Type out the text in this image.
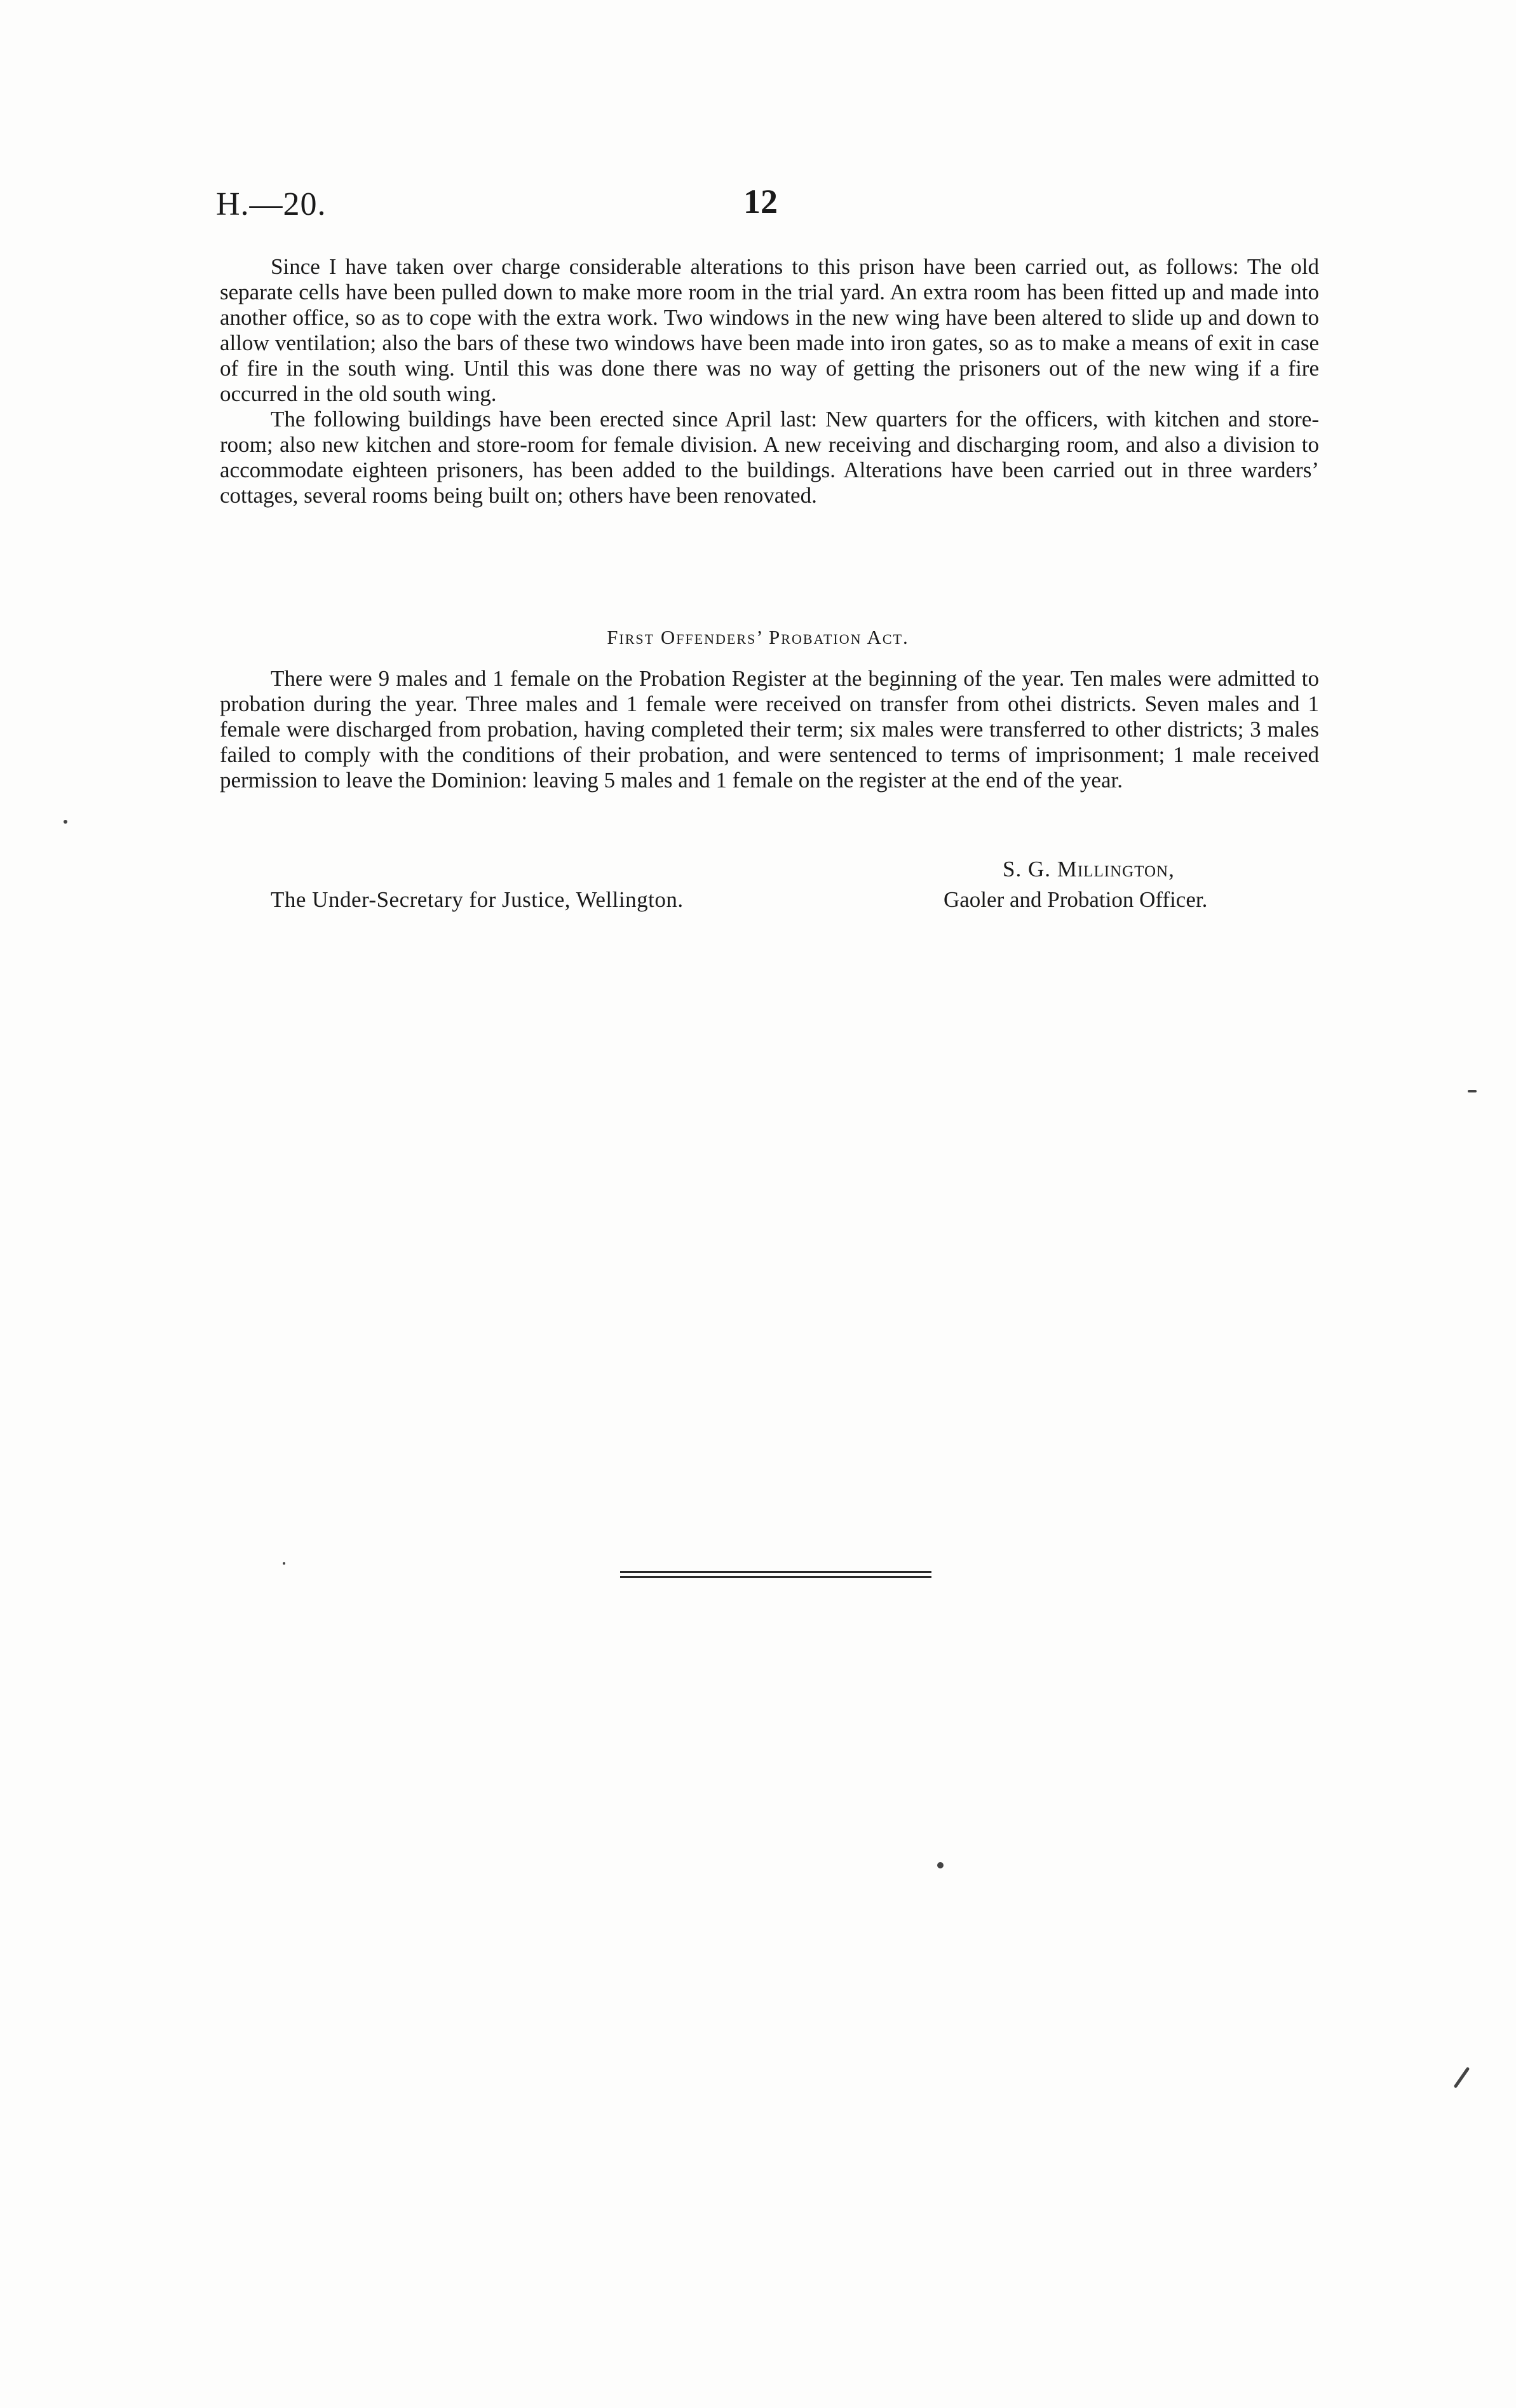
H.—20.	12

Since I have taken over charge considerable alterations to this prison have been carried out, as follows: The old separate cells have been pulled down to make more room in the trial yard. An extra room has been fitted up and made into another office, so as to cope with the extra work. Two windows in the new wing have been altered to slide up and down to allow ventilation; also the bars of these two windows have been made into iron gates, so as to make a means of exit in case of fire in the south wing. Until this was done there was no way of getting the prisoners out of the new wing if a fire occurred in the old south wing.

The following buildings have been erected since April last: New quarters for the officers, with kitchen and store-room; also new kitchen and store-room for female division. A new receiving and discharging room, and also a division to accommodate eighteen prisoners, has been added to the buildings. Alterations have been carried out in three warders’ cottages, several rooms being built on; others have been renovated.

First Offenders’ Probation Act.

There were 9 males and 1 female on the Probation Register at the beginning of the year. Ten males were admitted to probation during the year. Three males and 1 female were received on transfer from othei districts. Seven males and 1 female were discharged from probation, having completed their term; six males were transferred to other districts; 3 males failed to comply with the conditions of their probation, and were sentenced to terms of imprisonment; 1 male received permission to leave the Dominion: leaving 5 males and 1 female on the register at the end of the year.

S. G. Millington,
The Under-Secretary for Justice, Wellington.	Gaoler and Probation Officer.
